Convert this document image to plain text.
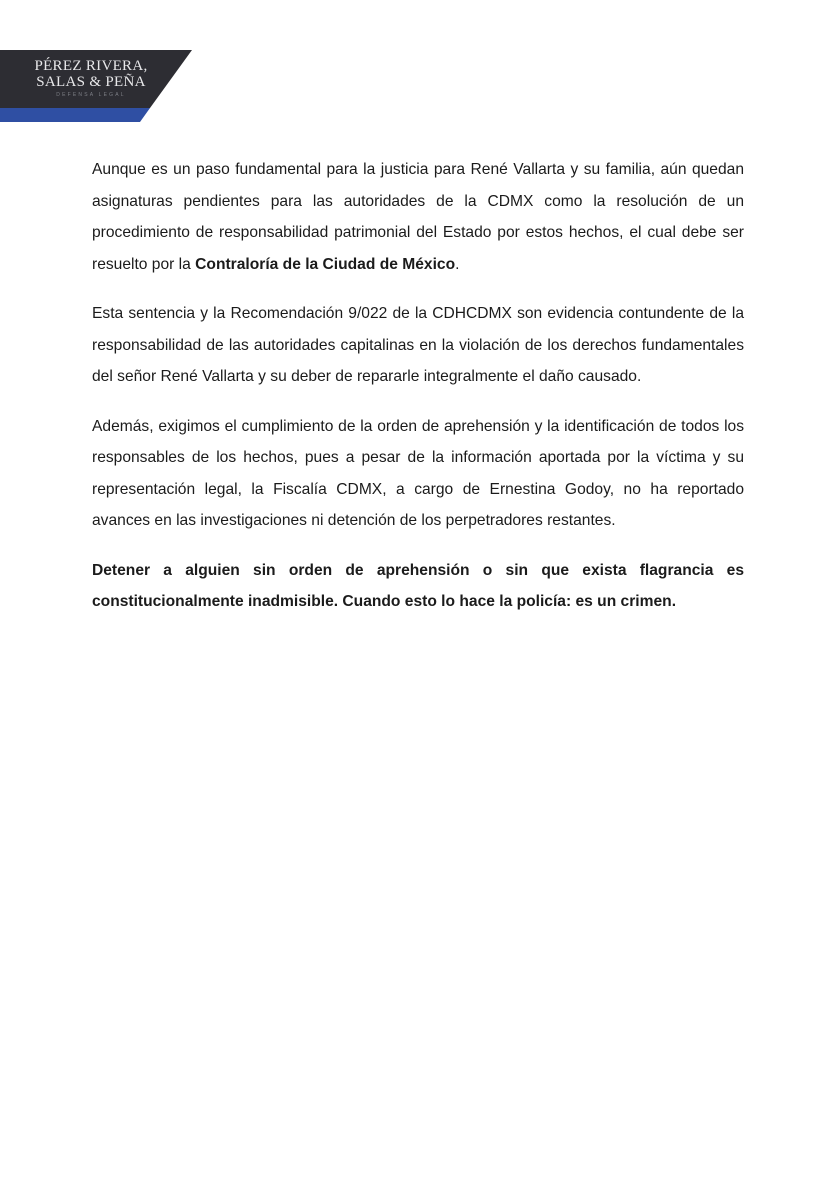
PÉREZ RIVERA,
SALAS & PEÑA
DEFENSA LEGAL

Aunque es un paso fundamental para la justicia para René Vallarta y su familia, aún quedan asignaturas pendientes para las autoridades de la CDMX como la resolución de un procedimiento de responsabilidad patrimonial del Estado por estos hechos, el cual debe ser resuelto por la Contraloría de la Ciudad de México.

Esta sentencia y la Recomendación 9/022 de la CDHCDMX son evidencia contundente de la responsabilidad de las autoridades capitalinas en la violación de los derechos fundamentales del señor René Vallarta y su deber de repararle integralmente el daño causado.

Además, exigimos el cumplimiento de la orden de aprehensión y la identificación de todos los responsables de los hechos, pues a pesar de la información aportada por la víctima y su representación legal, la Fiscalía CDMX, a cargo de Ernestina Godoy, no ha reportado avances en las investigaciones ni detención de los perpetradores restantes.

Detener a alguien sin orden de aprehensión o sin que exista flagrancia es constitucionalmente inadmisible. Cuando esto lo hace la policía: es un crimen.
